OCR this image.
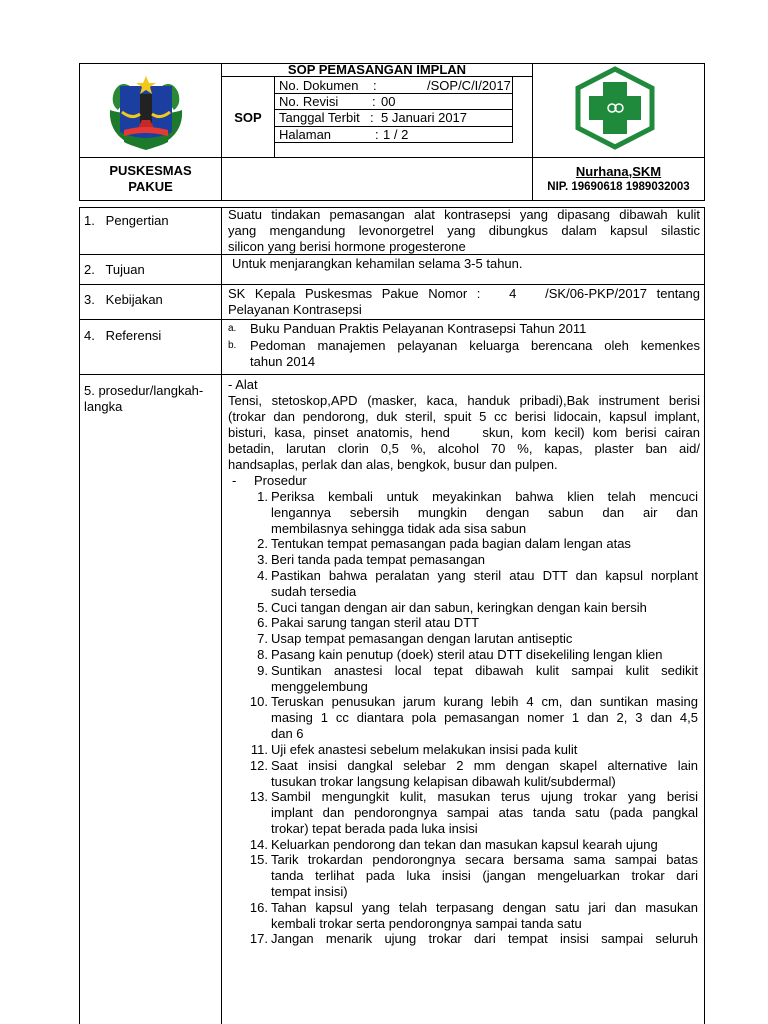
SOP PEMASANGAN IMPLAN
SOP
No. Dokumen :	/SOP/C/I/2017
No. Revisi	: 00
Tanggal Terbit : 5 Januari 2017
Halaman	: 1 / 2
PUSKESMAS
PAKUE
Nurhana,SKM
NIP. 19690618 1989032003
1.   Pengertian	Suatu tindakan pemasangan alat kontrasepsi yang dipasang dibawah kulit
yang mengandung levonorgetrel yang dibungkus dalam kapsul silastic
silicon yang berisi hormone progesterone
2.   Tujuan	Untuk menjarangkan kehamilan selama 3-5 tahun.
3.   Kebijakan	SK Kepala Puskesmas Pakue Nomor :   4   /SK/06-PKP/2017 tentang
Pelayanan Kontrasepsi
4.   Referensi	a. Buku Panduan Praktis Pelayanan Kontrasepsi Tahun 2011
b. Pedoman manajemen pelayanan keluarga berencana oleh kemenkes
tahun 2014
5. prosedur/langkah-
langka
- Alat
Tensi, stetoskop,APD (masker, kaca, handuk pribadi),Bak instrument berisi
(trokar dan pendorong, duk steril, spuit 5 cc berisi lidocain, kapsul implant,
bisturi, kasa, pinset anatomis, hend    skun, kom kecil) kom berisi cairan
betadin, larutan clorin 0,5 %, alcohol 70 %, kapas, plaster ban aid/
handsaplas, perlak dan alas, bengkok, busur dan pulpen.
- Prosedur
1. Periksa kembali untuk meyakinkan bahwa klien telah mencuci
lengannya sebersih mungkin dengan sabun dan air dan
membilasnya sehingga tidak ada sisa sabun
2. Tentukan tempat pemasangan pada bagian dalam lengan atas
3. Beri tanda pada tempat pemasangan
4. Pastikan bahwa peralatan yang steril atau DTT dan kapsul norplant
sudah tersedia
5. Cuci tangan dengan air dan sabun, keringkan dengan kain bersih
6. Pakai sarung tangan steril atau DTT
7. Usap tempat pemasangan dengan larutan antiseptic
8. Pasang kain penutup (doek) steril atau DTT disekeliling lengan klien
9. Suntikan anastesi local tepat dibawah kulit sampai kulit sedikit
menggelembung
10. Teruskan penusukan jarum kurang lebih 4 cm, dan suntikan masing
masing 1 cc diantara pola pemasangan nomer 1 dan 2, 3 dan 4,5
dan 6
11. Uji efek anastesi sebelum melakukan insisi pada kulit
12. Saat insisi dangkal selebar 2 mm dengan skapel alternative lain
tusukan trokar langsung kelapisan dibawah kulit/subdermal)
13. Sambil mengungkit kulit, masukan terus ujung trokar yang berisi
implant dan pendorongnya sampai atas tanda satu (pada pangkal
trokar) tepat berada pada luka insisi
14. Keluarkan pendorong dan tekan dan masukan kapsul kearah ujung
15. Tarik trokardan pendorongnya secara bersama sama sampai batas
tanda terlihat pada luka insisi (jangan mengeluarkan trokar dari
tempat insisi)
16. Tahan kapsul yang telah terpasang dengan satu jari dan masukan
kembali trokar serta pendorongnya sampai tanda satu
17. Jangan menarik ujung trokar dari tempat insisi sampai seluruh
